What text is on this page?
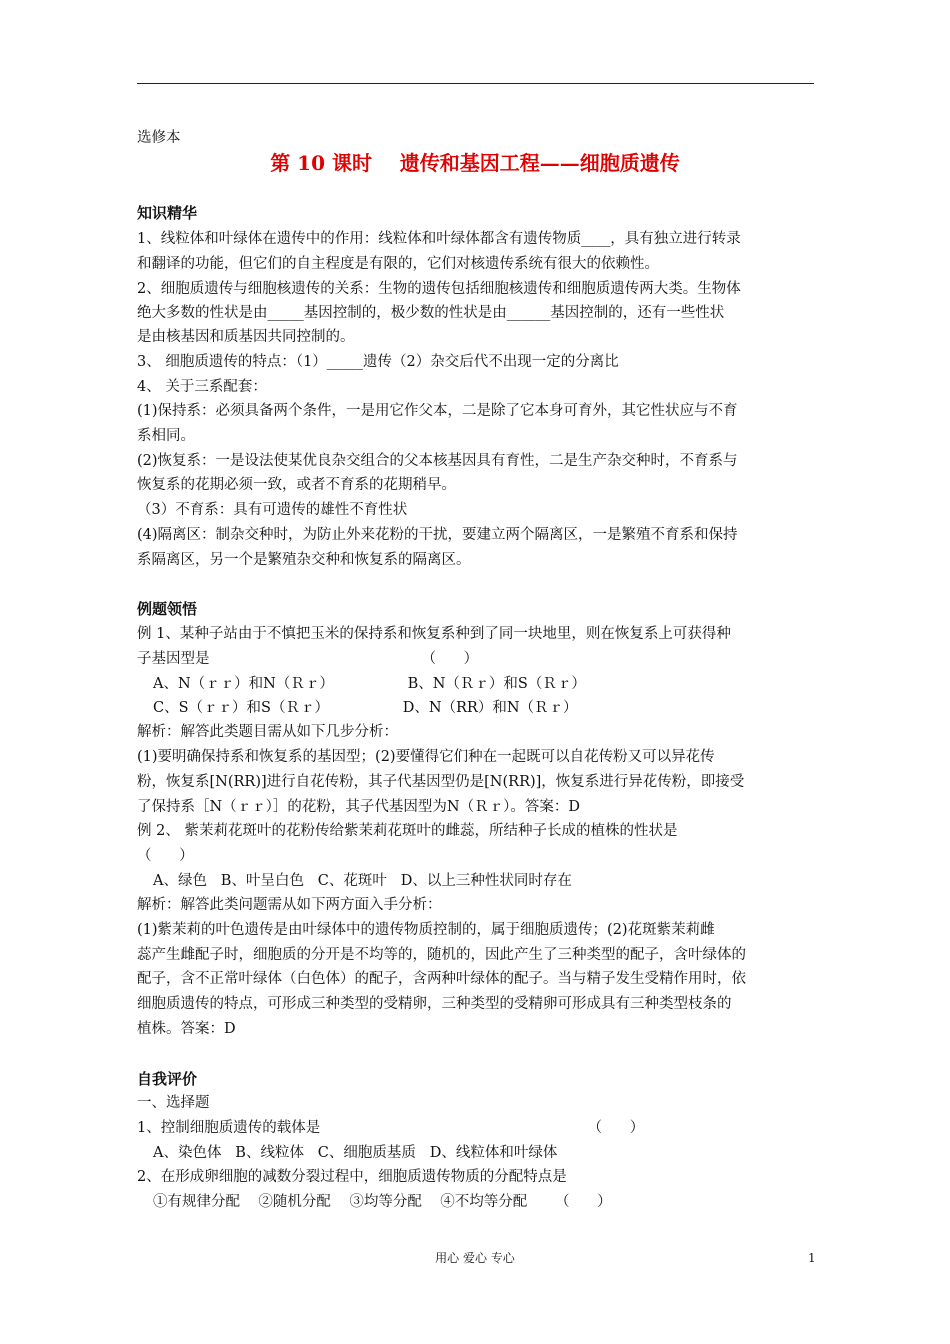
选修本
第 10 课时    遗传和基因工程——细胞质遗传
知识精华
1、线粒体和叶绿体在遗传中的作用：线粒体和叶绿体都含有遗传物质____，具有独立进行转录
和翻译的功能，但它们的自主程度是有限的，它们对核遗传系统有很大的依赖性。
2、细胞质遗传与细胞核遗传的关系：生物的遗传包括细胞核遗传和细胞质遗传两大类。生物体
绝大多数的性状是由_____基因控制的，极少数的性状是由______基因控制的，还有一些性状
是由核基因和质基因共同控制的。
3、 细胞质遗传的特点：（1）_____遗传（2）杂交后代不出现一定的分离比
4、 关于三系配套：
(1)保持系：必须具备两个条件，一是用它作父本，二是除了它本身可育外，其它性状应与不育
系相同。
(2)恢复系：一是设法使某优良杂交组合的父本核基因具有育性，二是生产杂交种时，不育系与
恢复系的花期必须一致，或者不育系的花期稍早。
（3）不育系：具有可遗传的雄性不育性状
(4)隔离区：制杂交种时，为防止外来花粉的干扰，要建立两个隔离区，一是繁殖不育系和保持
系隔离区，另一个是繁殖杂交种和恢复系的隔离区。
例题领悟
例 1、某种子站由于不慎把玉米的保持系和恢复系种到了同一块地里，则在恢复系上可获得种
子基因型是                                              （      ）
A、N（ｒｒ）和N（Ｒｒ）                B、N（Ｒｒ）和S（Ｒｒ）
C、S（ｒｒ）和S（Ｒｒ）                D、N（RR）和N（Ｒｒ）
解析：解答此类题目需从如下几步分析：
(1)要明确保持系和恢复系的基因型；(2)要懂得它们种在一起既可以自花传粉又可以异花传
粉，恢复系[N(RR)]进行自花传粉，其子代基因型仍是[N(RR)]，恢复系进行异花传粉，即接受
了保持系［N（ｒｒ）］的花粉，其子代基因型为N（Ｒｒ）。答案：D
例 2、 紫茉莉花斑叶的花粉传给紫茉莉花斑叶的雌蕊，所结种子长成的植株的性状是
（      ）
A、绿色   B、叶呈白色   C、花斑叶   D、以上三种性状同时存在
解析：解答此类问题需从如下两方面入手分析：
(1)紫茉莉的叶色遗传是由叶绿体中的遗传物质控制的，属于细胞质遗传；(2)花斑紫茉莉雌
蕊产生雌配子时，细胞质的分开是不均等的，随机的，因此产生了三种类型的配子，含叶绿体的
配子，含不正常叶绿体（白色体）的配子，含两种叶绿体的配子。当与精子发生受精作用时，依
细胞质遗传的特点，可形成三种类型的受精卵，三种类型的受精卵可形成具有三种类型枝条的
植株。答案：D
自我评价
一、选择题
1、控制细胞质遗传的载体是                                                          （      ）
A、染色体   B、线粒体   C、细胞质基质   D、线粒体和叶绿体
2、在形成卵细胞的减数分裂过程中，细胞质遗传物质的分配特点是
①有规律分配    ②随机分配    ③均等分配    ④不均等分配      （      ）
用心 爱心 专心	1
